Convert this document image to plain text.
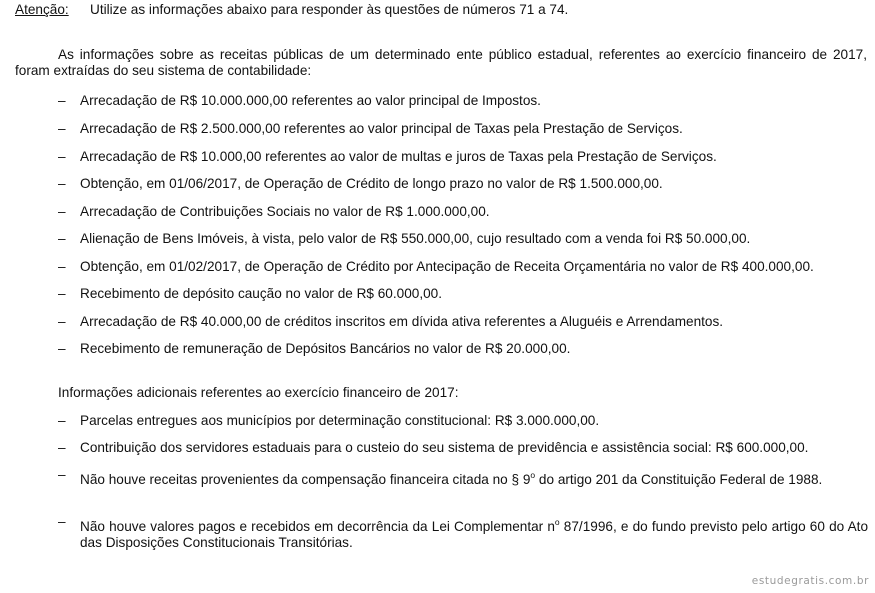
Atenção: Utilize as informações abaixo para responder às questões de números 71 a 74.
As informações sobre as receitas públicas de um determinado ente público estadual, referentes ao exercício financeiro de 2017, foram extraídas do seu sistema de contabilidade:
– Arrecadação de R$ 10.000.000,00 referentes ao valor principal de Impostos.
– Arrecadação de R$ 2.500.000,00 referentes ao valor principal de Taxas pela Prestação de Serviços.
– Arrecadação de R$ 10.000,00 referentes ao valor de multas e juros de Taxas pela Prestação de Serviços.
– Obtenção, em 01/06/2017, de Operação de Crédito de longo prazo no valor de R$ 1.500.000,00.
– Arrecadação de Contribuições Sociais no valor de R$ 1.000.000,00.
– Alienação de Bens Imóveis, à vista, pelo valor de R$ 550.000,00, cujo resultado com a venda foi R$ 50.000,00.
– Obtenção, em 01/02/2017, de Operação de Crédito por Antecipação de Receita Orçamentária no valor de R$ 400.000,00.
– Recebimento de depósito caução no valor de R$ 60.000,00.
– Arrecadação de R$ 40.000,00 de créditos inscritos em dívida ativa referentes a Aluguéis e Arrendamentos.
– Recebimento de remuneração de Depósitos Bancários no valor de R$ 20.000,00.
Informações adicionais referentes ao exercício financeiro de 2017:
– Parcelas entregues aos municípios por determinação constitucional: R$ 3.000.000,00.
– Contribuição dos servidores estaduais para o custeio do seu sistema de previdência e assistência social: R$ 600.000,00.
– Não houve receitas provenientes da compensação financeira citada no § 9$^o$ do artigo 201 da Constituição Federal de 1988.
– Não houve valores pagos e recebidos em decorrência da Lei Complementar $n^o$ 87/1996, e do fundo previsto pelo artigo 60 do Ato das Disposições Constitucionais Transitórias.
estudegratis.com.br
